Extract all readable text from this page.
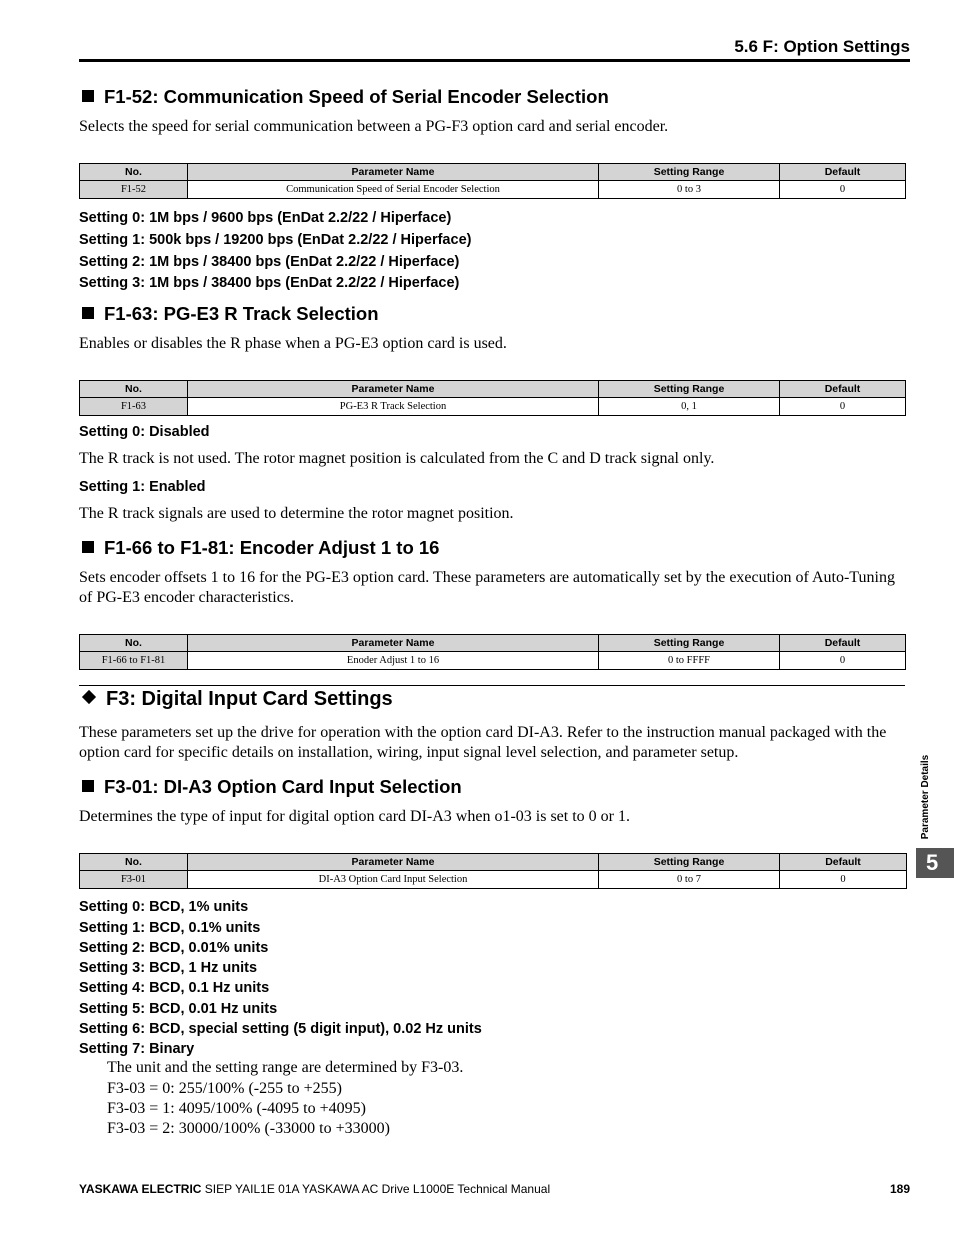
5.6 F: Option Settings
F1-52: Communication Speed of Serial Encoder Selection
Selects the speed for serial communication between a PG-F3 option card and serial encoder.
No.	Parameter Name	Setting Range	Default
F1-52	Communication Speed of Serial Encoder Selection	0 to 3	0
Setting 0: 1M bps / 9600 bps (EnDat 2.2/22 / Hiperface)
Setting 1: 500k bps / 19200 bps (EnDat 2.2/22 / Hiperface)
Setting 2: 1M bps / 38400 bps (EnDat 2.2/22 / Hiperface)
Setting 3: 1M bps / 38400 bps (EnDat 2.2/22 / Hiperface)
F1-63: PG-E3 R Track Selection
Enables or disables the R phase when a PG-E3 option card is used.
No.	Parameter Name	Setting Range	Default
F1-63	PG-E3 R Track Selection	0, 1	0
Setting 0: Disabled
The R track is not used. The rotor magnet position is calculated from the C and D track signal only.
Setting 1: Enabled
The R track signals are used to determine the rotor magnet position.
F1-66 to F1-81: Encoder Adjust 1 to 16
Sets encoder offsets 1 to 16 for the PG-E3 option card. These parameters are automatically set by the execution of Auto-Tuning of PG-E3 encoder characteristics.
No.	Parameter Name	Setting Range	Default
F1-66 to F1-81	Enoder Adjust 1 to 16	0 to FFFF	0
F3: Digital Input Card Settings
These parameters set up the drive for operation with the option card DI-A3. Refer to the instruction manual packaged with the option card for specific details on installation, wiring, input signal level selection, and parameter setup.
F3-01: DI-A3 Option Card Input Selection
Determines the type of input for digital option card DI-A3 when o1-03 is set to 0 or 1.
No.	Parameter Name	Setting Range	Default
F3-01	DI-A3 Option Card Input Selection	0 to 7	0
Setting 0: BCD, 1% units
Setting 1: BCD, 0.1% units
Setting 2: BCD, 0.01% units
Setting 3: BCD, 1 Hz units
Setting 4: BCD, 0.1 Hz units
Setting 5: BCD, 0.01 Hz units
Setting 6: BCD, special setting (5 digit input), 0.02 Hz units
Setting 7: Binary
The unit and the setting range are determined by F3-03.
F3-03 = 0: 255/100% (-255 to +255)
F3-03 = 1: 4095/100% (-4095 to +4095)
F3-03 = 2: 30000/100% (-33000 to +33000)
Parameter Details
5
YASKAWA ELECTRIC SIEP YAIL1E 01A YASKAWA AC Drive L1000E Technical Manual	189
